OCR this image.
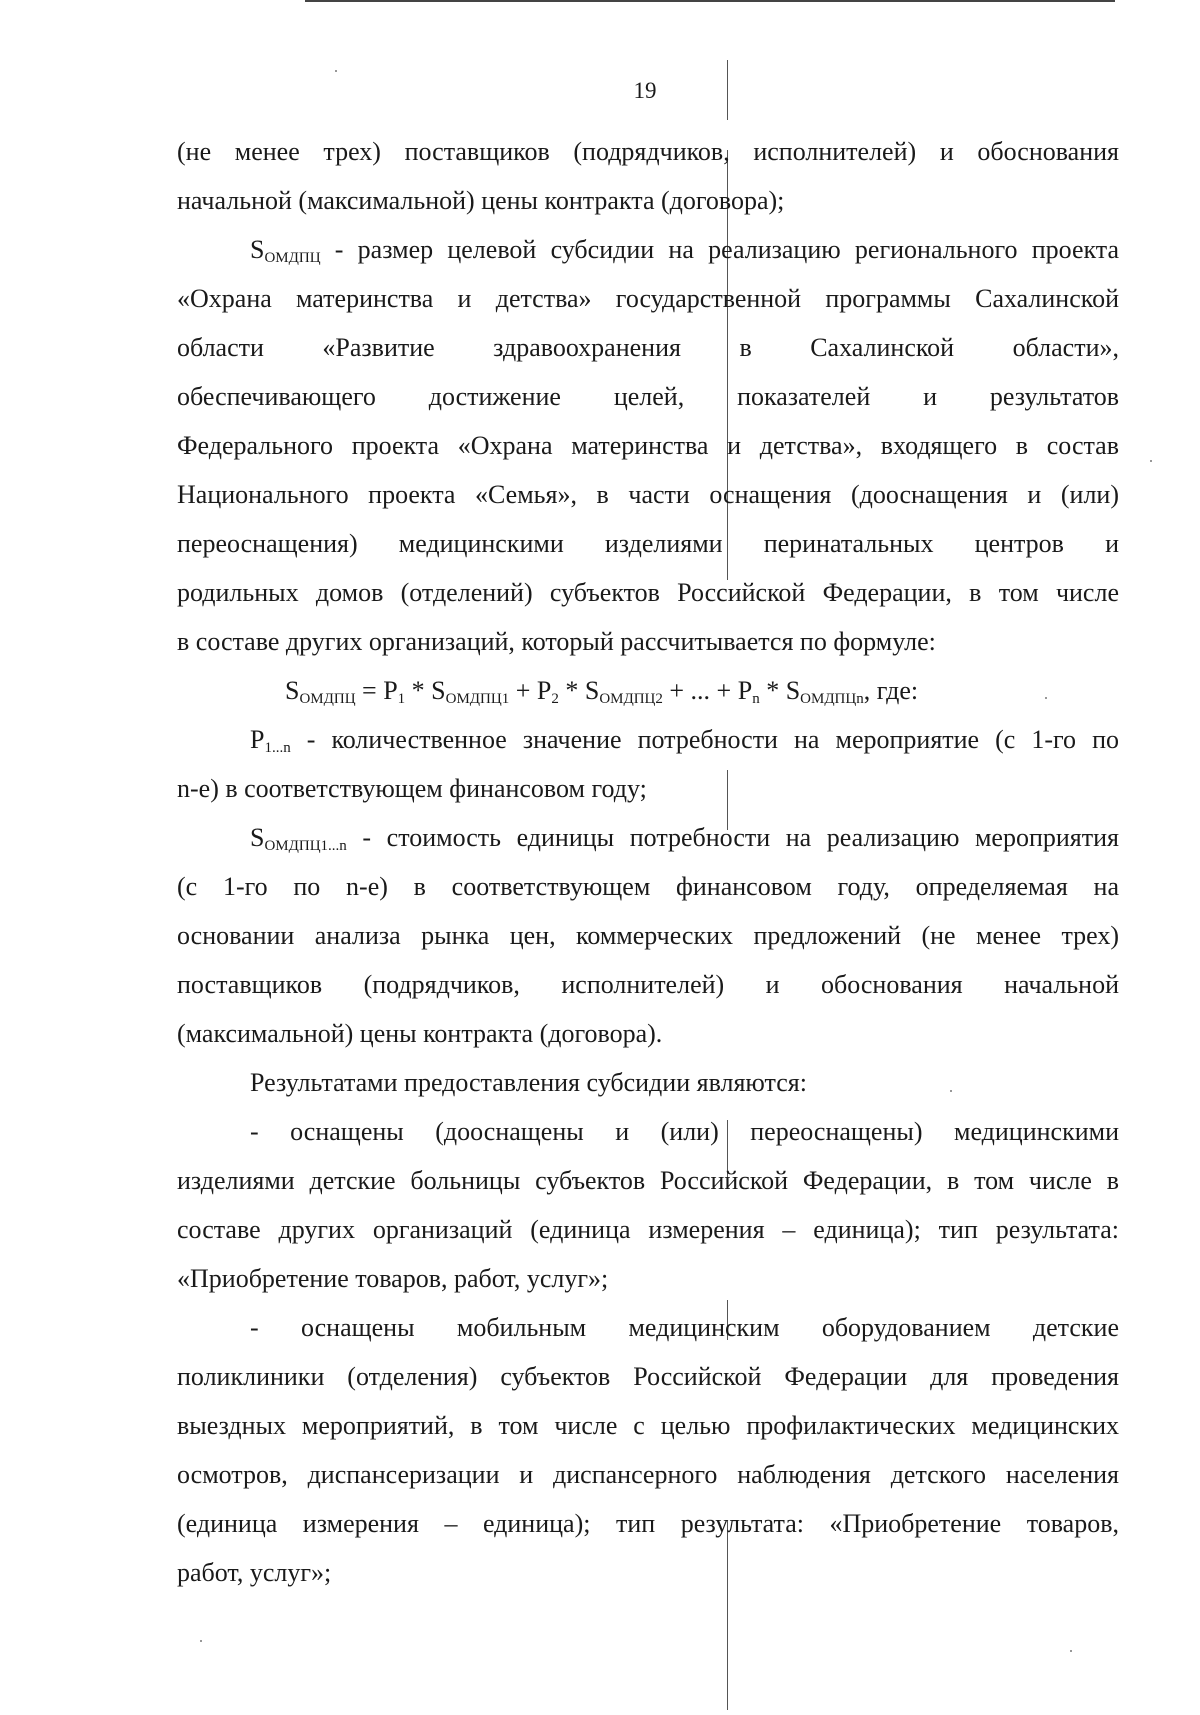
19
(не менее трех) поставщиков (подрядчиков, исполнителей) и обоснования
начальной (максимальной) цены контракта (договора);
$S_{ОМДПЦ}$ - размер целевой субсидии на реализацию регионального проекта
«Охрана материнства и детства» государственной программы Сахалинской
области «Развитие здравоохранения в Сахалинской области»,
обеспечивающего достижение целей, показателей и результатов
Федерального проекта «Охрана материнства и детства», входящего в состав
Национального проекта «Семья», в части оснащения (дооснащения и (или)
переоснащения) медицинскими изделиями перинатальных центров и
родильных домов (отделений) субъектов Российской Федерации, в том числе
в составе других организаций, который рассчитывается по формуле:
$S_{ОМДПЦ} = P_1 * S_{ОМДПЦ1} + P_2 * S_{ОМДПЦ2}$ + ... + $P_n * S_{ОМДПЦn}$, где:
$P_{1...n}$ - количественное значение потребности на мероприятие (с 1-го по
n-е) в соответствующем финансовом году;
$S_{ОМДПЦ1...n}$ - стоимость единицы потребности на реализацию мероприятия
(с 1-го по n-е) в соответствующем финансовом году, определяемая на
основании анализа рынка цен, коммерческих предложений (не менее трех)
поставщиков (подрядчиков, исполнителей) и обоснования начальной
(максимальной) цены контракта (договора).
Результатами предоставления субсидии являются:
- оснащены (дооснащены и (или) переоснащены) медицинскими
изделиями детские больницы субъектов Российской Федерации, в том числе в
составе других организаций (единица измерения – единица); тип результата:
«Приобретение товаров, работ, услуг»;
- оснащены мобильным медицинским оборудованием детские
поликлиники (отделения) субъектов Российской Федерации для проведения
выездных мероприятий, в том числе с целью профилактических медицинских
осмотров, диспансеризации и диспансерного наблюдения детского населения
(единица измерения – единица); тип результата: «Приобретение товаров,
работ, услуг»;
